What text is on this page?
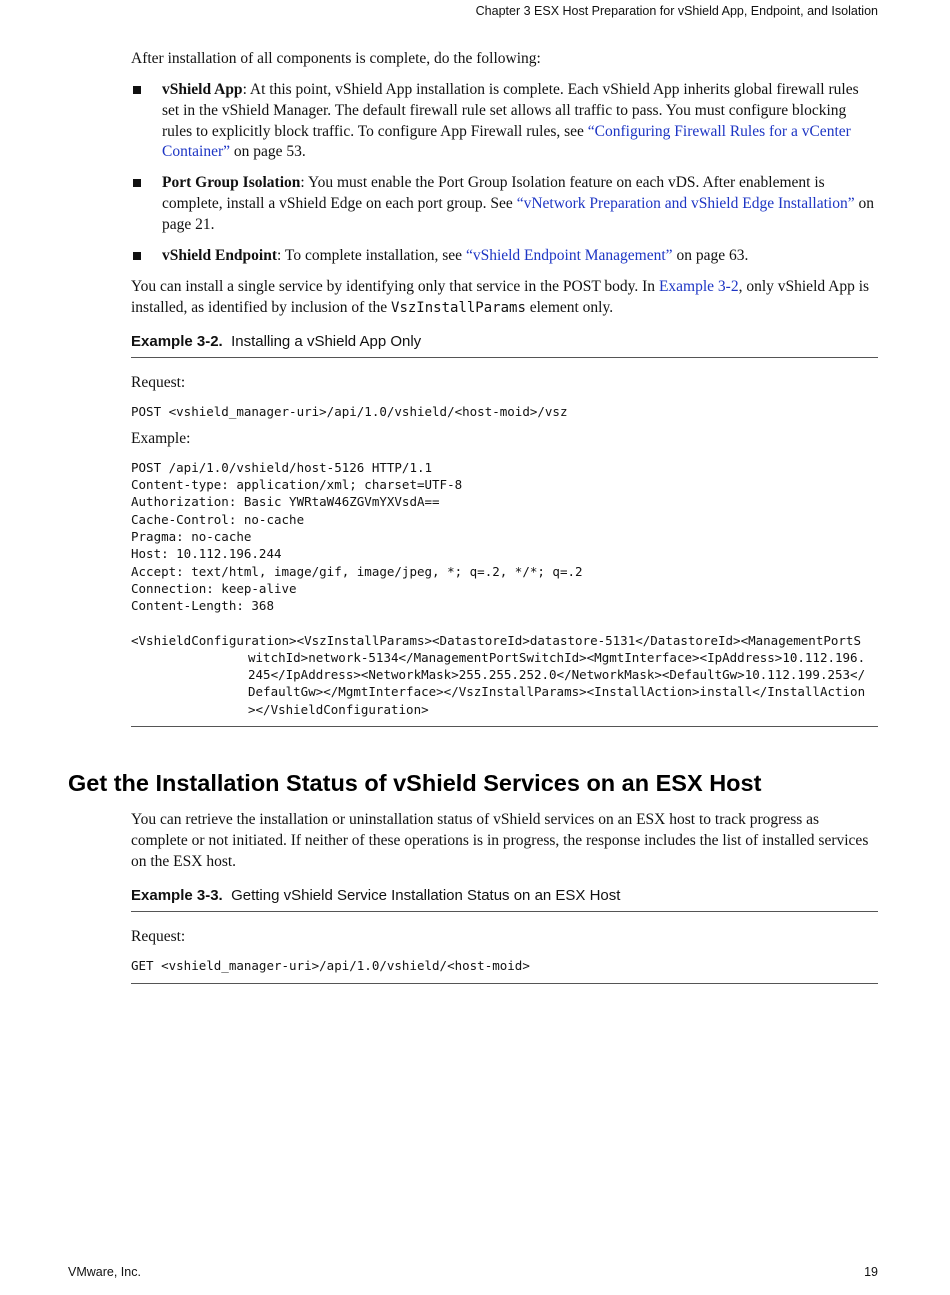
Chapter 3 ESX Host Preparation for vShield App, Endpoint, and Isolation

After installation of all components is complete, do the following:

vShield App: At this point, vShield App installation is complete. Each vShield App inherits global firewall rules set in the vShield Manager. The default firewall rule set allows all traffic to pass. You must configure blocking rules to explicitly block traffic. To configure App Firewall rules, see “Configuring Firewall Rules for a vCenter Container” on page 53.
Port Group Isolation: You must enable the Port Group Isolation feature on each vDS. After enablement is complete, install a vShield Edge on each port group. See “vNetwork Preparation and vShield Edge Installation” on page 21.
vShield Endpoint: To complete installation, see “vShield Endpoint Management” on page 63.

You can install a single service by identifying only that service in the POST body. In Example 3-2, only vShield App is installed, as identified by inclusion of the VszInstallParams element only.

Example 3-2. Installing a vShield App Only

Request:

POST <vshield_manager-uri>/api/1.0/vshield/<host-moid>/vsz

Example:

POST /api/1.0/vshield/host-5126 HTTP/1.1
Content-type: application/xml; charset=UTF-8
Authorization: Basic YWRtaW46ZGVmYXVsdA==
Cache-Control: no-cache
Pragma: no-cache
Host: 10.112.196.244
Accept: text/html, image/gif, image/jpeg, *; q=.2, */*; q=.2
Connection: keep-alive
Content-Length: 368
<VshieldConfiguration><VszInstallParams><DatastoreId>datastore-5131</DatastoreId><ManagementPortS
witchId>network-5134</ManagementPortSwitchId><MgmtInterface><IpAddress>10.112.196.
245</IpAddress><NetworkMask>255.255.252.0</NetworkMask><DefaultGw>10.112.199.253</
DefaultGw></MgmtInterface></VszInstallParams><InstallAction>install</InstallAction
></VshieldConfiguration>
Get the Installation Status of vShield Services on an ESX Host

You can retrieve the installation or uninstallation status of vShield services on an ESX host to track progress as complete or not initiated. If neither of these operations is in progress, the response includes the list of installed services on the ESX host.

Example 3-3. Getting vShield Service Installation Status on an ESX Host

Request:

GET <vshield_manager-uri>/api/1.0/vshield/<host-moid>
VMware, Inc.	19
